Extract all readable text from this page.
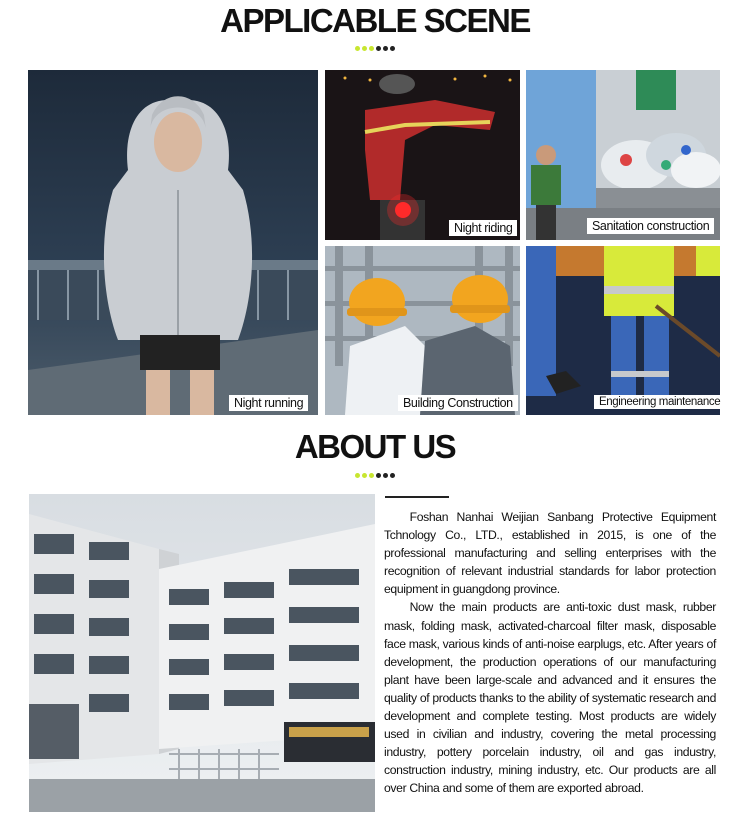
APPLICABLE SCENE
Night running
Night riding	Sanitation construction
Building Construction	Engineering maintenance
ABOUT US

Foshan Nanhai Weijian Sanbang Protective Equipment Tchnology Co., LTD., established in 2015, is one of the professional manufacturing and selling enterprises with the recognition of relevant industrial standards for labor protection equipment in guangdong province.

Now the main products are anti-toxic dust mask, rubber mask, folding mask, activated-charcoal filter mask, disposable face mask, various kinds of anti-noise earplugs, etc. After years of development, the production operations of our manufacturing plant have been large-scale and advanced and it ensures the quality of products thanks to the ability of systematic research and development and complete testing. Most products are widely used in civilian and industry, covering the metal processing industry, pottery porcelain industry, oil and gas industry, construction industry, mining industry, etc. Our products are all over China and some of them are exported abroad.
